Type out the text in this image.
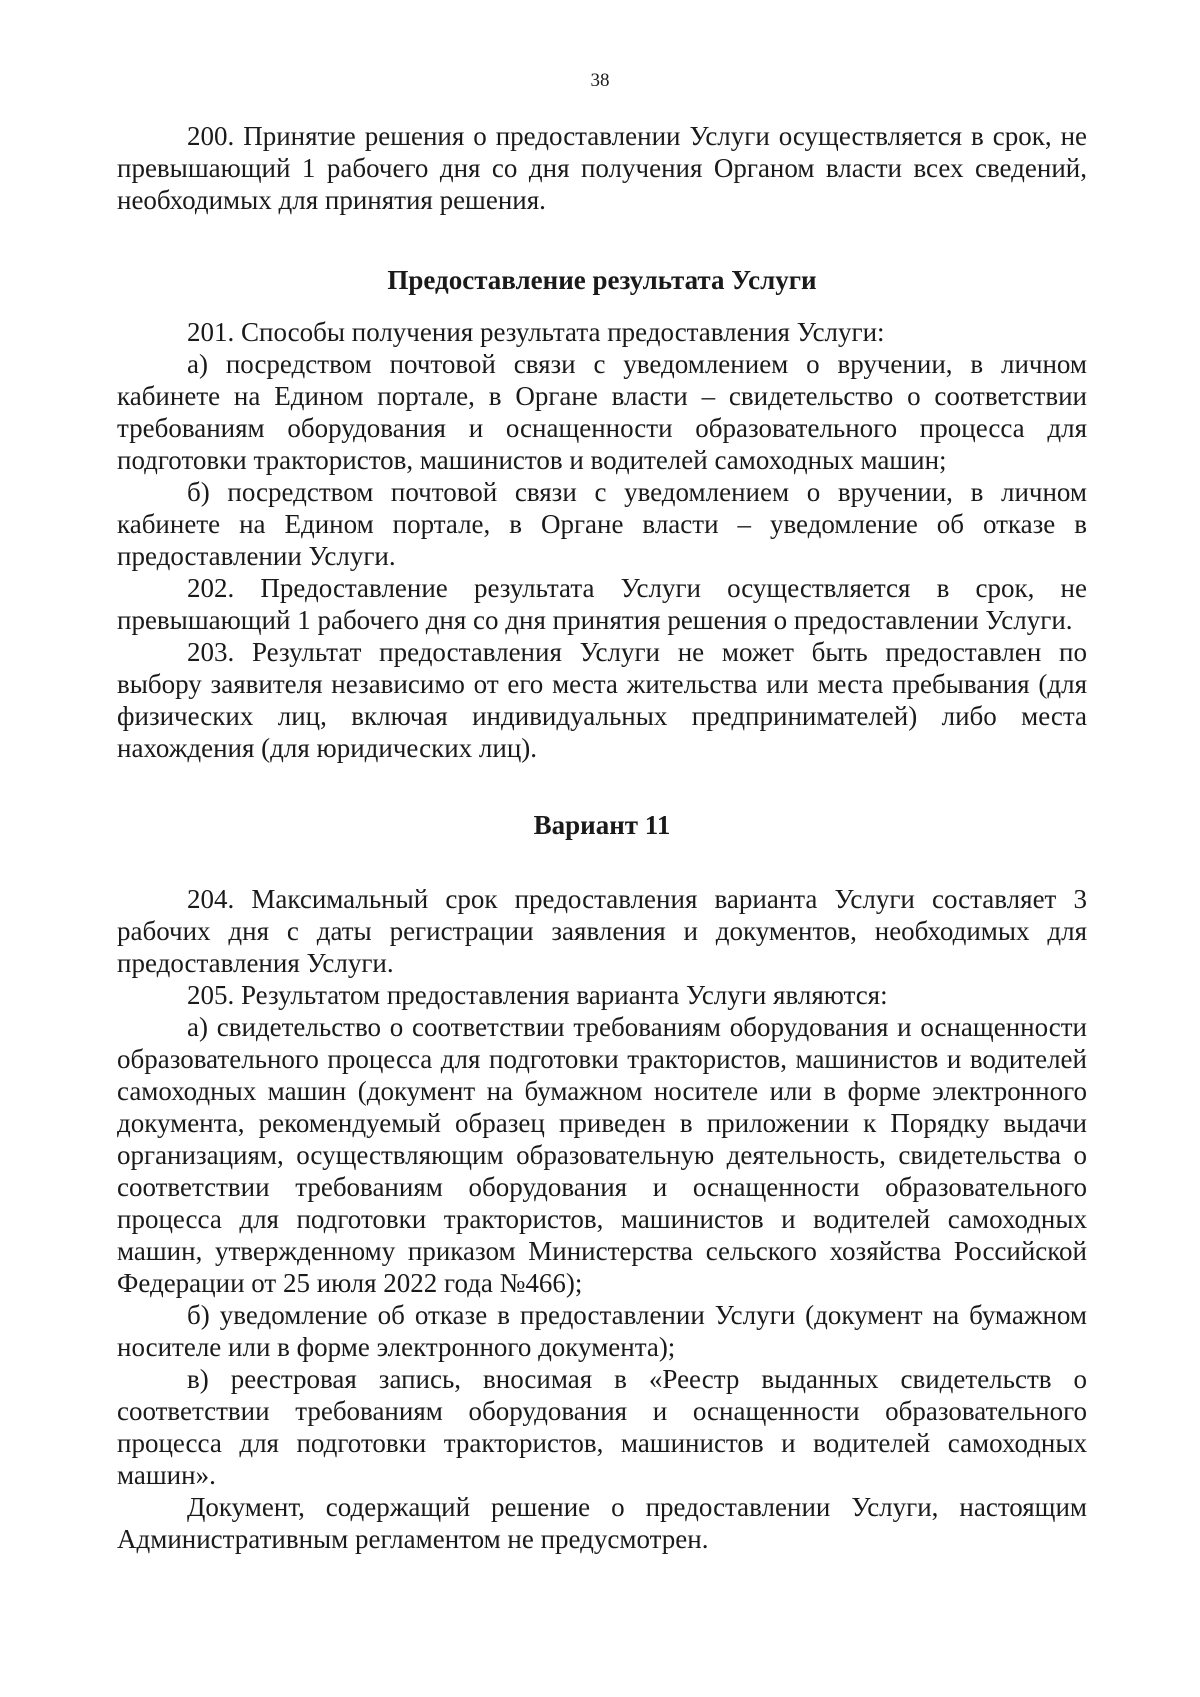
38

200. Принятие решения о предоставлении Услуги осуществляется в срок, не превышающий 1 рабочего дня со дня получения Органом власти всех сведений, необходимых для принятия решения.

Предоставление результата Услуги

201. Способы получения результата предоставления Услуги:

а) посредством почтовой связи с уведомлением о вручении, в личном кабинете на Едином портале, в Органе власти – свидетельство о соответствии требованиям оборудования и оснащенности образовательного процесса для подготовки трактористов, машинистов и водителей самоходных машин;

б) посредством почтовой связи с уведомлением о вручении, в личном кабинете на Едином портале, в Органе власти – уведомление об отказе в предоставлении Услуги.

202. Предоставление результата Услуги осуществляется в срок, не превышающий 1 рабочего дня со дня принятия решения о предоставлении Услуги.

203. Результат предоставления Услуги не может быть предоставлен по выбору заявителя независимо от его места жительства или места пребывания (для физических лиц, включая индивидуальных предпринимателей) либо места нахождения (для юридических лиц).

Вариант 11

204. Максимальный срок предоставления варианта Услуги составляет 3 рабочих дня с даты регистрации заявления и документов, необходимых для предоставления Услуги.

205. Результатом предоставления варианта Услуги являются:

а) свидетельство о соответствии требованиям оборудования и оснащенности образовательного процесса для подготовки трактористов, машинистов и водителей самоходных машин (документ на бумажном носителе или в форме электронного документа, рекомендуемый образец приведен в приложении к Порядку выдачи организациям, осуществляющим образовательную деятельность, свидетельства о соответствии требованиям оборудования и оснащенности образовательного процесса для подготовки трактористов, машинистов и водителей самоходных машин, утвержденному приказом Министерства сельского хозяйства Российской Федерации от 25 июля 2022 года №466);

б) уведомление об отказе в предоставлении Услуги (документ на бумажном носителе или в форме электронного документа);

в) реестровая запись, вносимая в «Реестр выданных свидетельств о соответствии требованиям оборудования и оснащенности образовательного процесса для подготовки трактористов, машинистов и водителей самоходных машин».

Документ, содержащий решение о предоставлении Услуги, настоящим Административным регламентом не предусмотрен.
